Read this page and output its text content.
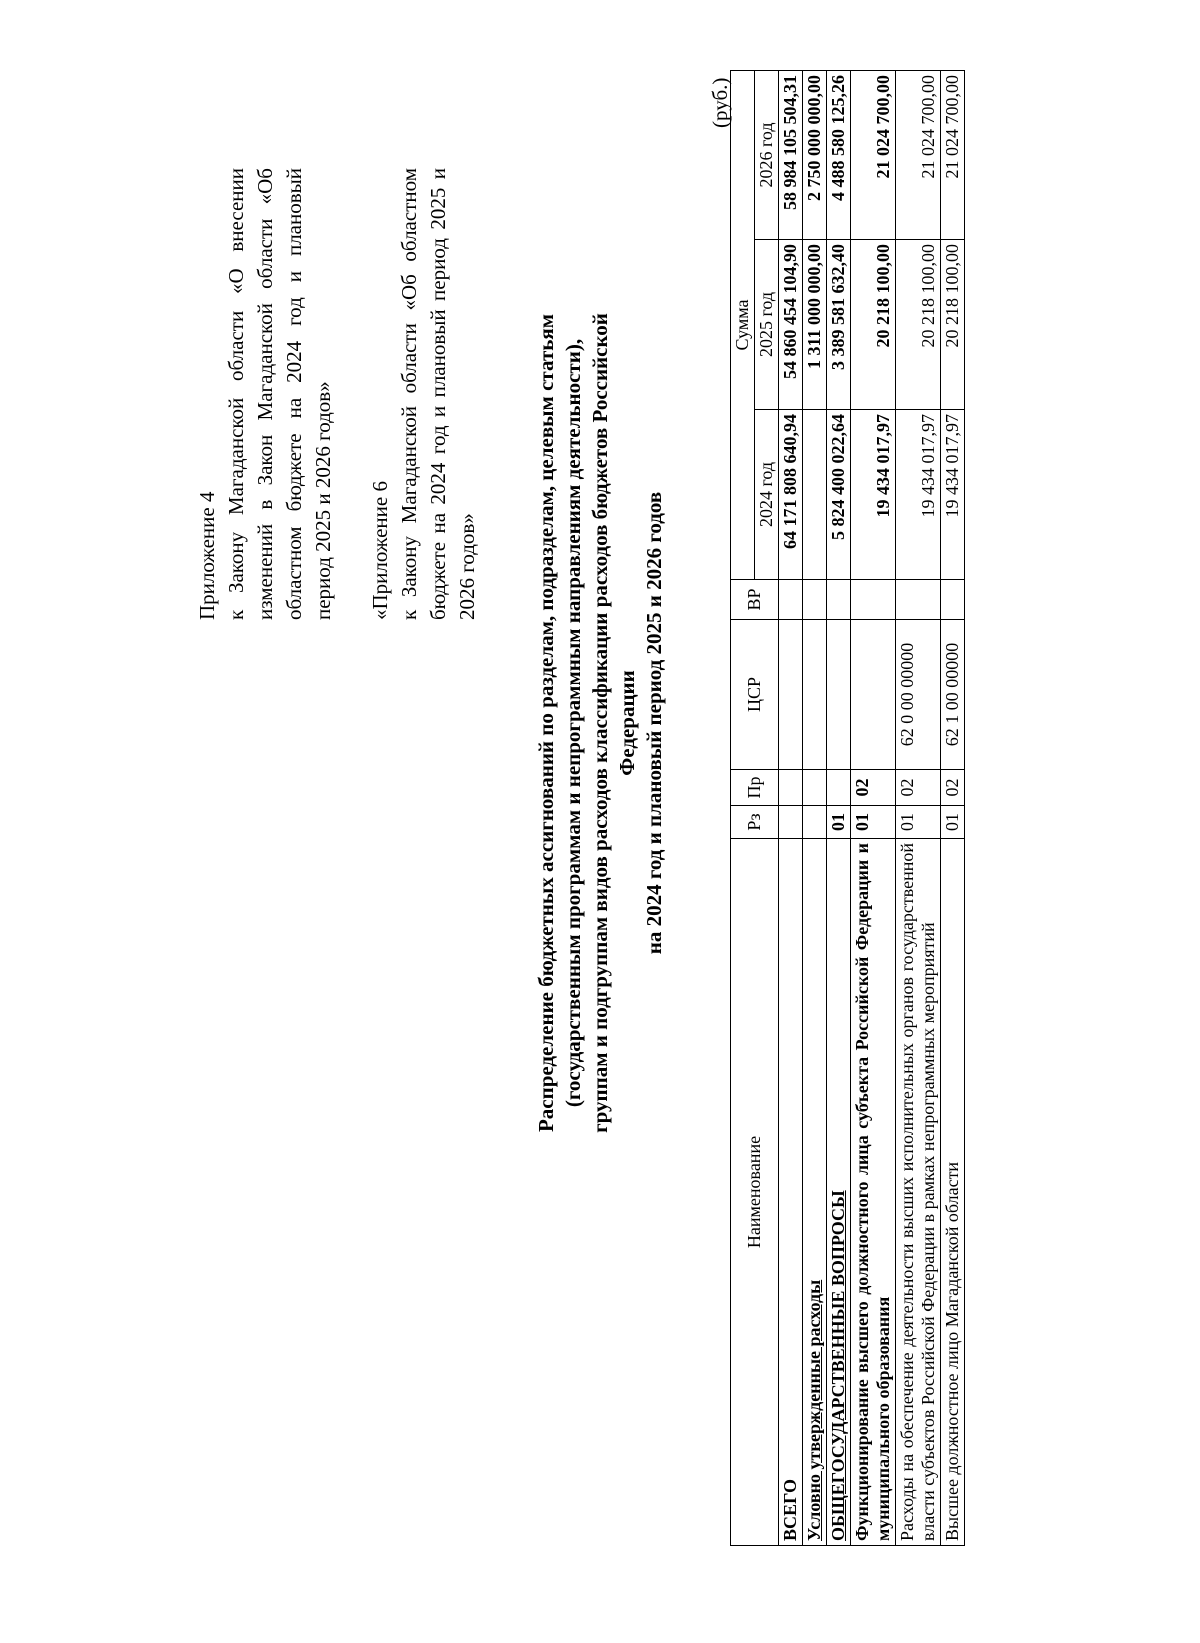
Приложение 4 к Закону Магаданской области «О внесении изменений в Закон Магаданской области «Об областном бюджете на 2024 год и плановый период 2025 и 2026 годов» «Приложение 6 к Закону Магаданской области «Об областном бюджете на 2024 год и плановый период 2025 и 2026 годов»	Распределение бюджетных ассигнований по разделам, подразделам, целевым статьям (государственным программам и непрограммным направлениям деятельности), группам и подгруппам видов расходов классификации расходов бюджетов Российской Федерации на 2024 год и плановый период 2025 и 2026 годов
(руб.)
Наименование	Рз	Пр	ЦСР	ВР	Сумма		
					2024 год	2025 год	2026 год
ВСЕГО					64 171 808 640,94	54 860 454 104,90	58 984 105 504,31
Условно утвержденные расходы						1 311 000 000,00	2 750 000 000,00
ОБЩЕГОСУДАРСТВЕННЫЕ ВОПРОСЫ	01				5 824 400 022,64	3 389 581 632,40	4 488 580 125,26
Функционирование высшего должностного лица субъекта Российской Федерации и муниципального образования	01	02			19 434 017,97	20 218 100,00	21 024 700,00
Расходы на обеспечение деятельности высших исполнительных органов государственной власти субъектов Российской Федерации в рамках непрограммных мероприятий	01	02	62 0 00 00000		19 434 017,97	20 218 100,00	21 024 700,00
Высшее должностное лицо Магаданской области	01	02	62 1 00 00000		19 434 017,97	20 218 100,00	21 024 700,00
